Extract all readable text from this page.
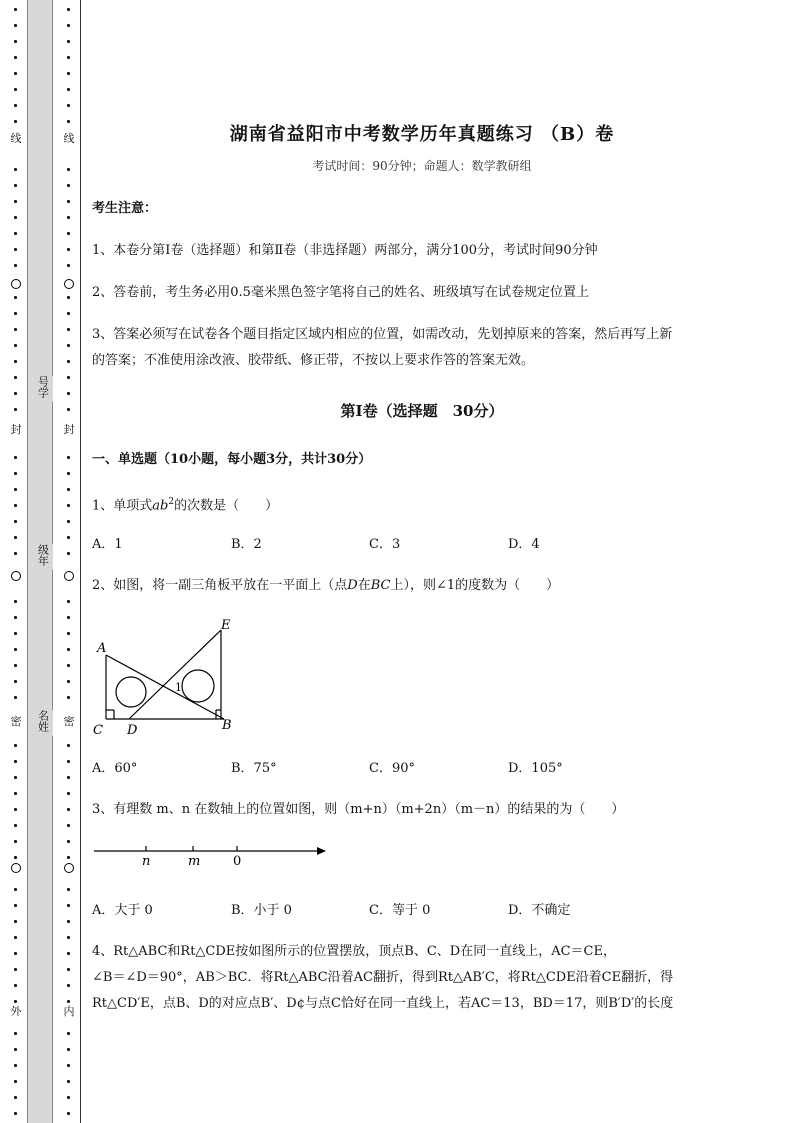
线
封
密
外
号学
级年
名姓
线
封
密
内
湖南省益阳市中考数学历年真题练习 （B）卷
考试时间：90分钟；命题人：数学教研组
考生注意：
1、本卷分第I卷（选择题）和第Ⅱ卷（非选择题）两部分，满分100分，考试时间90分钟
2、答卷前，考生务必用0.5毫米黑色签字笔将自己的姓名、班级填写在试卷规定位置上
3、答案必须写在试卷各个题目指定区域内相应的位置，如需改动，先划掉原来的答案，然后再写上新
的答案；不准使用涂改液、胶带纸、修正带，不按以上要求作答的答案无效。
第I卷（选择题　30分）
一、单选题（10小题，每小题3分，共计30分）
1、单项式$ab^2$的次数是（　　）
A．1	B．2	C．3	D．4
2、如图，将一副三角板平放在一平面上（点D在BC上），则∠1的度数为（　　）
A
E
C D	B
1
A．60°	B．75°	C．90°	D．105°
3、有理数 m、n 在数轴上的位置如图，则（m+n）（m+2n）（m－n）的结果的为（　　）
n	m	0
A．大于 0	B．小于 0	C．等于 0	D．不确定
4、Rt△ABC和Rt△CDE按如图所示的位置摆放，顶点B、C、D在同一直线上，AC＝CE，
∠B＝∠D＝90°，AB＞BC．将Rt△ABC沿着AC翻折，得到Rt△AB′C，将Rt△CDE沿着CE翻折，得
Rt△CD′E，点B、D的对应点B′、D¢与点C恰好在同一直线上，若AC＝13，BD＝17，则B′D′的长度
